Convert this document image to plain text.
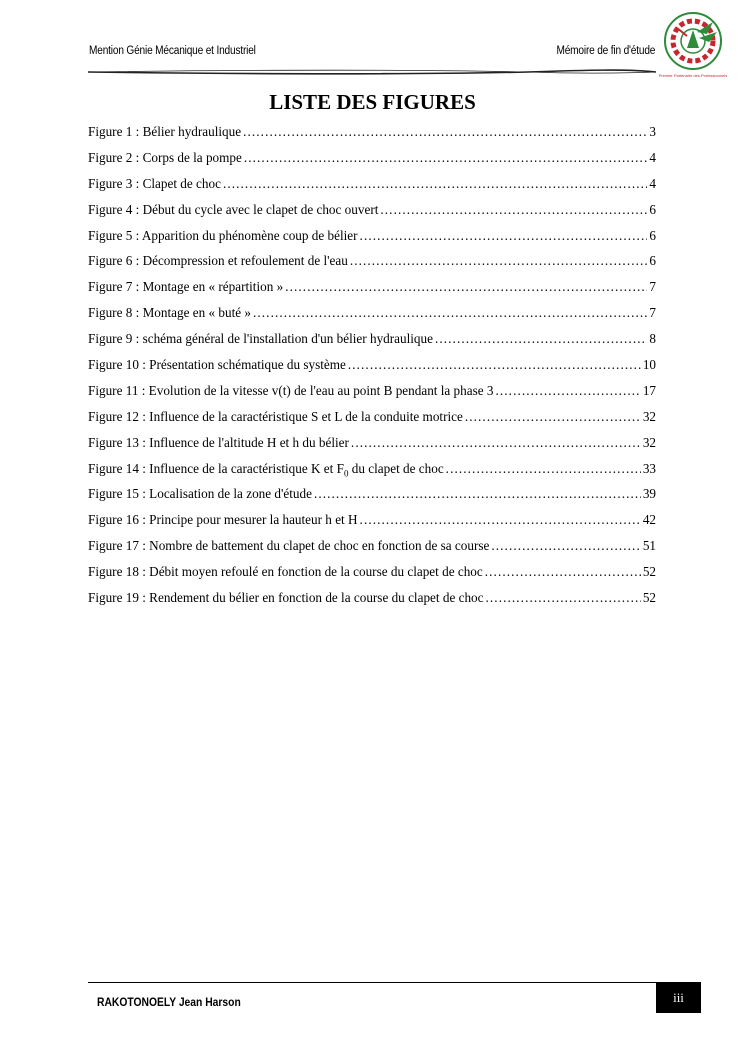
Mention Génie Mécanique et Industriel	Mémoire de fin d'étude
Premier Partenaire des Professionnels
LISTE DES FIGURES
Figure 1 : Bélier hydraulique .....	3
Figure 2 : Corps de la pompe .....	4
Figure 3 : Clapet de choc .....	4
Figure 4 : Début du cycle avec le clapet de choc ouvert .....	6
Figure 5 : Apparition du phénomène coup de bélier .....	6
Figure 6 : Décompression et refoulement de l'eau .....	6
Figure 7 : Montage en « répartition » .....	7
Figure 8 : Montage en « buté » .....	7
Figure 9 : schéma général de l'installation d'un bélier hydraulique .....	8
Figure 10 : Présentation schématique du système .....	10
Figure 11 : Evolution de la vitesse v(t) de l'eau au point B pendant la phase 3 .....	17
Figure 12 : Influence de la caractéristique S et L de la conduite motrice .....	32
Figure 13 : Influence de l'altitude H et h du bélier .....	32
Figure 14 : Influence de la caractéristique K et $F_0$ du clapet de choc .....	33
Figure 15 : Localisation de la zone d'étude .....	39
Figure 16 : Principe pour mesurer la hauteur h et H .....	42
Figure 17 : Nombre de battement du clapet de choc en fonction de sa course .....	51
Figure 18 : Débit moyen refoulé en fonction de la course du clapet de choc .....	52
Figure 19 : Rendement du bélier en fonction de la course du clapet de choc .....	52
RAKOTONOELY Jean Harson	iii
